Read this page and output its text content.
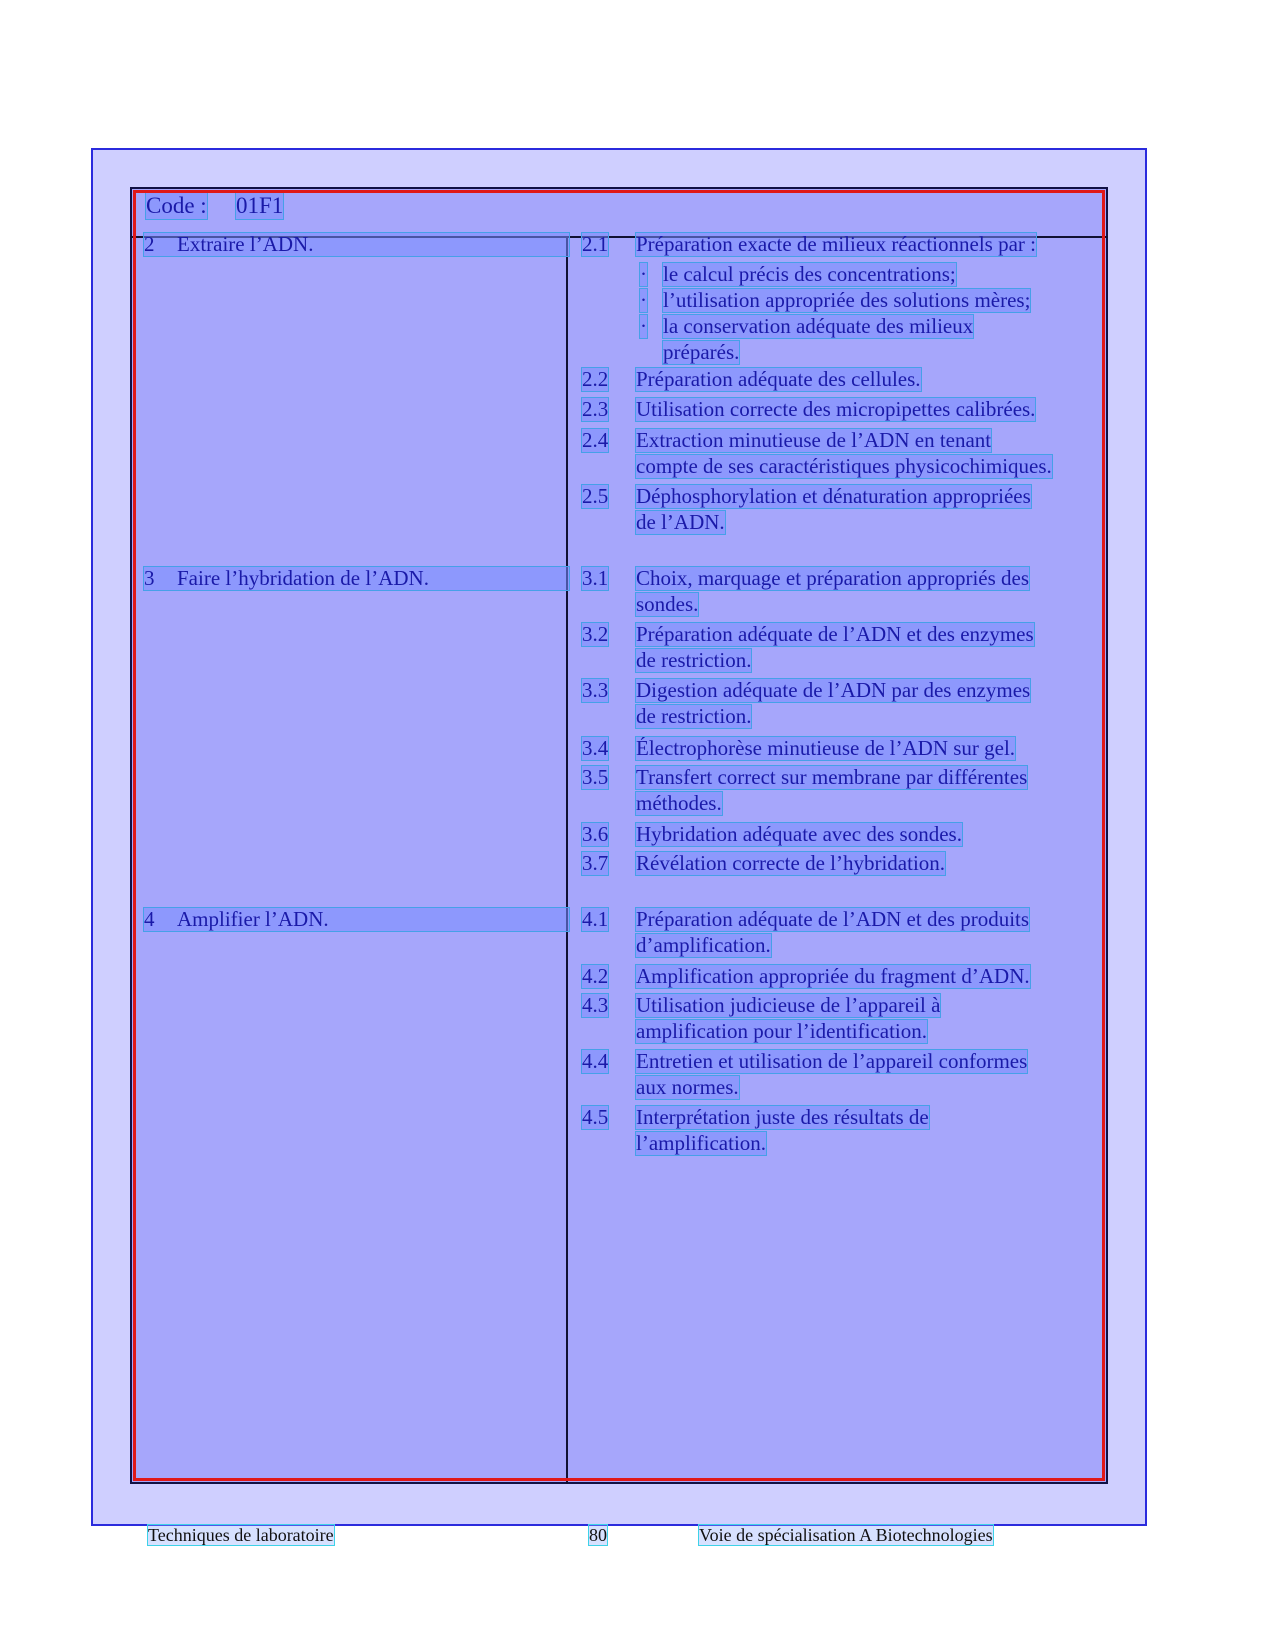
Code : 01F1
2 Extraire l’ADN.
3 Faire l’hybridation de l’ADN.
4 Amplifier l’ADN.
2.1 Préparation exacte de milieux réactionnels par :
· le calcul précis des concentrations;
· l’utilisation appropriée des solutions mères;
· la conservation adéquate des milieux
préparés.
2.2 Préparation adéquate des cellules.
2.3 Utilisation correcte des micropipettes calibrées.
2.4 Extraction minutieuse de l’ADN en tenant
compte de ses caractéristiques physicochimiques.
2.5 Déphosphorylation et dénaturation appropriées
de l’ADN.
3.1 Choix, marquage et préparation appropriés des
sondes.
3.2 Préparation adéquate de l’ADN et des enzymes
de restriction.
3.3 Digestion adéquate de l’ADN par des enzymes
de restriction.
3.4 Électrophorèse minutieuse de l’ADN sur gel.
3.5 Transfert correct sur membrane par différentes
méthodes.
3.6 Hybridation adéquate avec des sondes.
3.7 Révélation correcte de l’hybridation.
4.1 Préparation adéquate de l’ADN et des produits
d’amplification.
4.2 Amplification appropriée du fragment d’ADN.
4.3 Utilisation judicieuse de l’appareil à
amplification pour l’identification.
4.4 Entretien et utilisation de l’appareil conformes
aux normes.
4.5 Interprétation juste des résultats de
l’amplification.
Techniques de laboratoire	80	Voie de spécialisation A Biotechnologies
